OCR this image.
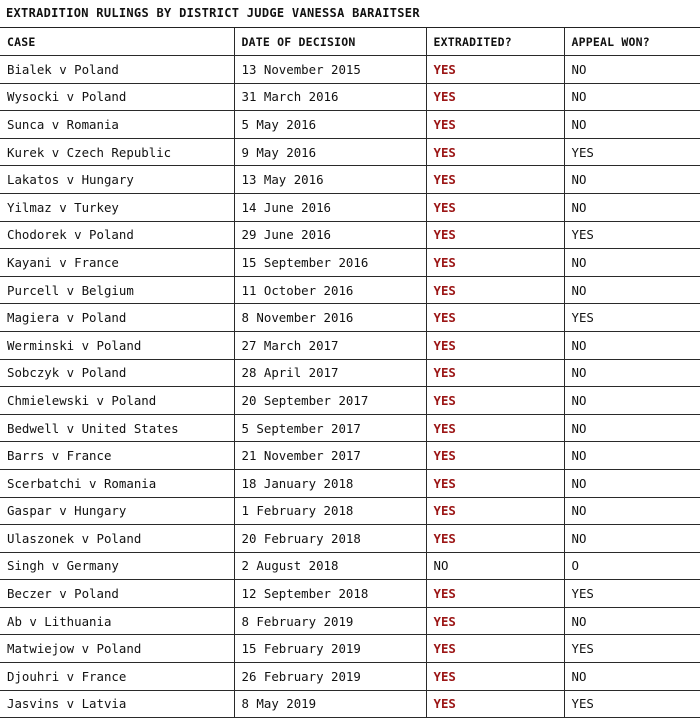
EXTRADITION RULINGS BY DISTRICT JUDGE VANESSA BARAITSER
CASE	DATE OF DECISION	EXTRADITED?	APPEAL WON?
Bialek v Poland	13 November 2015	YES	NO
Wysocki v Poland	31 March 2016	YES	NO
Sunca v Romania	5 May 2016	YES	NO
Kurek v Czech Republic	9 May 2016	YES	YES
Lakatos v Hungary	13 May 2016	YES	NO
Yilmaz v Turkey	14 June 2016	YES	NO
Chodorek v Poland	29 June 2016	YES	YES
Kayani v France	15 September 2016	YES	NO
Purcell v Belgium	11 October 2016	YES	NO
Magiera v Poland	8 November 2016	YES	YES
Werminski v Poland	27 March 2017	YES	NO
Sobczyk v Poland	28 April 2017	YES	NO
Chmielewski v Poland	20 September 2017	YES	NO
Bedwell v United States	5 September 2017	YES	NO
Barrs v France	21 November 2017	YES	NO
Scerbatchi v Romania	18 January 2018	YES	NO
Gaspar v Hungary	1 February 2018	YES	NO
Ulaszonek v Poland	20 February 2018	YES	NO
Singh v Germany	2 August 2018	NO	O
Beczer v Poland	12 September 2018	YES	YES
Ab v Lithuania	8 February 2019	YES	NO
Matwiejow v Poland	15 February 2019	YES	YES
Djouhri v France	26 February 2019	YES	NO
Jasvins v Latvia	8 May 2019	YES	YES
